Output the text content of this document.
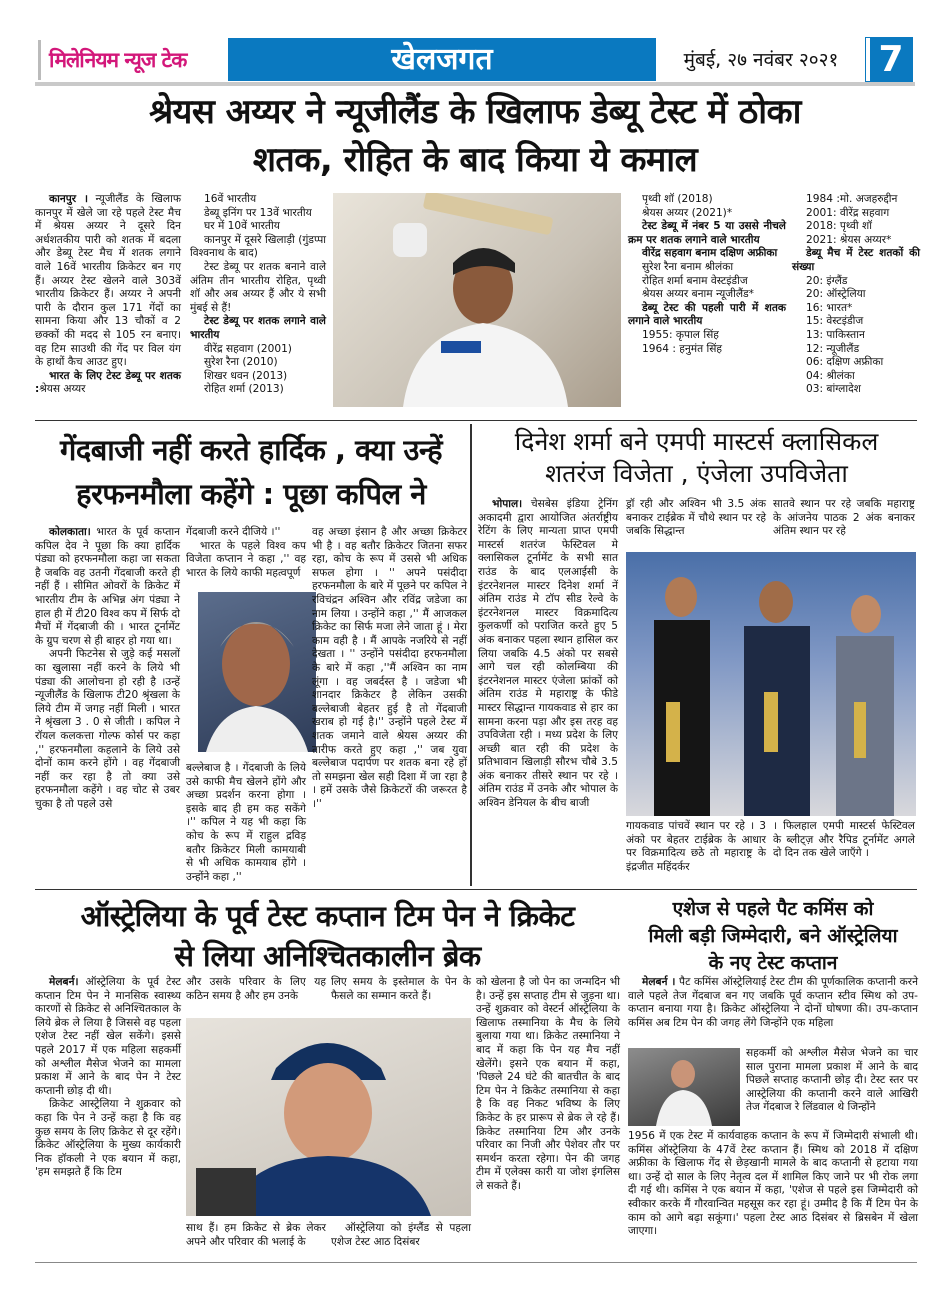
मिलेनियम न्यूज टेक	खेलजगत	मुंबई, २७ नवंबर २०२१	7
श्रेयस अय्यर ने न्यूजीलैंड के खिलाफ डेब्यू टेस्ट में ठोका
शतक, रोहित के बाद किया ये कमाल

कानपुर । न्यूजीलैंड के खिलाफ कानपुर में खेले जा रहे पहले टेस्ट मैच में श्रेयस अय्यर ने दूसरे दिन अर्धशतकीय पारी को शतक में बदला और डेब्यू टेस्ट मैच में शतक लगाने वाले 16वें भारतीय क्रिकेटर बन गए हैं। अय्यर टेस्ट खेलने वाले 303वें भारतीय क्रिकेटर हैं। अय्यर ने अपनी पारी के दौरान कुल 171 गेंदों का सामना किया और 13 चौकों व 2 छक्कों की मदद से 105 रन बनाए। वह टिम साउथी की गेंद पर विल यंग के हाथों कैच आउट हुए।

भारत के लिए टेस्ट डेब्यू पर शतक :श्रेयस अय्यर

16वें भारतीय
डेब्यू इनिंग पर 13वें भारतीय
घर में 10वें भारतीय

कानपुर में दूसरे खिलाड़ी (गुंडप्पा विश्वनाथ के बाद)

टेस्ट डेब्यू पर शतक बनाने वाले अंतिम तीन भारतीय रोहित, पृथ्वी शॉ और अब अय्यर हैं और ये सभी मुंबई से हैं!

टेस्ट डेब्यू पर शतक लगाने वाले भारतीय
वीरेंद्र सहवाग (2001)
सुरेश रैना (2010)
शिखर धवन (2013)
रोहित शर्मा (2013)
पृथ्वी शॉ (2018)
श्रेयस अय्यर (2021)*
टेस्ट डेब्यू में नंबर 5 या उससे नीचले क्रम पर शतक लगाने वाले भारतीय
वीरेंद्र सहवाग बनाम दक्षिण अफ्रीका
सुरेश रैना बनाम श्रीलंका
रोहित शर्मा बनाम वेस्टइंडीज

श्रेयस अय्यर बनाम न्यूजीलैंड*

डेब्यू टेस्ट की पहली पारी में शतक लगाने वाले भारतीय
1955: कृपाल सिंह
1964 : हनुमंत सिंह
1984 :मो. अजहरुद्दीन
2001: वीरेंद्र सहवाग
2018: पृथ्वी शॉ
2021: श्रेयस अय्यर*
डेब्यू मैच में टेस्ट शतकों की संख्या
20: इंग्लैंड
20: ऑस्ट्रेलिया
16: भारत*
15: वेस्टइंडीज
13: पाकिस्तान
12: न्यूजीलैंड
06: दक्षिण अफ्रीका
04: श्रीलंका
03: बांग्लादेश
गेंदबाजी नहीं करते हार्दिक , क्या उन्हें
हरफनमौला कहेंगे : पूछा कपिल ने

कोलकाता। भारत के पूर्व कप्तान कपिल देव ने पूछा कि क्या हार्दिक पंड्या को हरफनमौला कहा जा सकता है जबकि वह उतनी गेंदबाजी करते ही नहीं हैं । सीमित ओवरों के क्रिकेट में भारतीय टीम के अभिन्न अंग पंड्या ने हाल ही में टी20 विश्व कप में सिर्फ दो मैचों में गेंदबाजी की । भारत टूर्नामेंट के ग्रुप चरण से ही बाहर हो गया था।

अपनी फिटनेस से जुड़े कई मसलों का खुलासा नहीं करने के लिये भी पंड्या की आलोचना हो रही है ।उन्हें न्यूजीलैंड के खिलाफ टी20 श्रृंखला के लिये टीम में जगह नहीं मिली । भारत ने श्रृंखला 3 . 0 से जीती । कपिल ने रॉयल कलकत्ता गोल्फ कोर्स पर कहा ,'' हरफनमौला कहलाने के लिये उसे दोनों काम करने होंगे । वह गेंदबाजी नहीं कर रहा है तो क्या उसे हरफनमौला कहेंगे । वह चोट से उबर चुका है तो पहले उसे

गेंदबाजी करने दीजिये ।''

भारत के पहले विश्व कप विजेता कप्तान ने कहा ,'' वह भारत के लिये काफी महत्वपूर्ण

बल्लेबाज है । गेंदबाजी के लिये उसे काफी मैच खेलने होंगे और अच्छा प्रदर्शन करना होगा । इसके बाद ही हम कह सकेंगे ।'' कपिल ने यह भी कहा कि कोच के रूप में राहुल द्रविड़ बतौर क्रिकेटर मिली कामयाबी से भी अधिक कामयाब होंगे । उन्होंने कहा ,''

वह अच्छा इंसान है और अच्छा क्रिकेटर भी है । वह बतौर क्रिकेटर जितना सफर रहा, कोच के रूप में उससे भी अधिक सफल होगा । '' अपने पसंदीदा हरफनमौला के बारे में पूछने पर कपिल ने रविचंद्रन अश्विन और रविंद्र जडेजा का नाम लिया । उन्होंने कहा ,'' मैं आजकल क्रिकेट का सिर्फ मजा लेने जाता हूं । मेरा काम वही है । मैं आपके नजरिये से नहीं देखता । '' उन्होंने पसंदीदा हरफनमौला के बारे में कहा ,''मैं अश्विन का नाम लूंगा । वह जबर्दस्त है । जडेजा भी शानदार क्रिकेटर है लेकिन उसकी बल्लेबाजी बेहतर हुई है तो गेंदबाजी खराब हो गई है।'' उन्होंने पहले टेस्ट में शतक जमाने वाले श्रेयस अय्यर की तारीफ करते हुए कहा ,'' जब युवा बल्लेबाज पदार्पण पर शतक बना रहे हों तो समझना खेल सही दिशा में जा रहा है । हमें उसके जैसे क्रिकेटरों की जरूरत है ।''

दिनेश शर्मा बने एमपी मास्टर्स क्लासिकल
शतरंज विजेता , एंजेला उपविजेता

भोपाल। चेसबेस इंडिया ट्रेनिंग अकादमी द्वारा आयोजित अंतर्राष्ट्रीय रेटिंग के लिए मान्यता प्राप्त एमपी मास्टर्स शतरंज फेस्टिवल मे क्लासिकल टूर्नामेंट के सभी सात राउंड के बाद एलआईसी के इंटरनेशनल मास्टर दिनेश शर्मा नें अंतिम राउंड मे टॉप सीड रेल्वे के इंटरनेशनल मास्टर विक्रमादित्य कुलकर्णी को पराजित करते हुए 5 अंक बनाकर पहला स्थान हासिल कर लिया जबकि 4.5 अंको पर सबसे आगे चल रही कोलम्बिया की इंटरनेशनल मास्टर एंजेला फ्रांकों को अंतिम राउंड मे महाराष्ट्र के फीडे मास्टर सिद्धान्त गायकवाड से हार का सामना करना पड़ा और इस तरह वह उपविजेता रही । मध्य प्रदेश के लिए अच्छी बात रही की प्रदेश के प्रतिभावान खिलाड़ी सौरभ चौबे 3.5 अंक बनाकर तीसरे स्थान पर रहे ।अंतिम राउंड में उनके और भोपाल के अश्विन डेनियल के बीच बाजी

ड्रॉ रही और अश्विन भी 3.5 अंक बनाकर टाईब्रेक में चौथे स्थान पर रहे जबकि सिद्धान्त

सातवे स्थान पर रहे जबकि महाराष्ट्र के आंजनेय पाठक 2 अंक बनाकर अंतिम स्थान पर रहे

गायकवाड पांचवें स्थान पर रहे । 3 अंको पर बेहतर टाईब्रेक के आधार पर विक्रमादित्य छठे तो महाराष्ट्र के इंद्रजीत महिंदर्कर

। फिलहाल एमपी मास्टर्स फेस्टिवल के ब्लीट्ज़ और रैपिड टूर्नामेंट अगले दो दिन तक खेले जाएँगे ।

ऑस्ट्रेलिया के पूर्व टेस्ट कप्तान टिम पेन ने क्रिकेट
से लिया अनिश्चितकालीन ब्रेक

मेलबर्न। ऑस्ट्रेलिया के पूर्व टेस्ट कप्तान टिम पेन ने मानसिक स्वास्थ्य कारणों से क्रिकेट से अनिश्चितकाल के लिये ब्रेक ले लिया है जिससे वह पहला एशेज टेस्ट नहीं खेल सकेंगे। इससे पहले 2017 में एक महिला सहकर्मी को अश्लील मैसेज भेजने का मामला प्रकाश में आने के बाद पेन ने टेस्ट कप्तानी छोड़ दी थी।

क्रिकेट आस्ट्रेलिया ने शुक्रवार को कहा कि पेन ने उन्हें कहा है कि वह कुछ समय के लिए क्रिकेट से दूर रहेंगे। क्रिकेट ऑस्ट्रेलिया के मुख्य कार्यकारी निक हॉकली ने एक बयान में कहा, 'हम समझते हैं कि टिम

और उसके परिवार के लिए यह कठिन समय है और हम उनके

लिए समय के इस्तेमाल के पेन के फैसले का सम्मान करते हैं।

साथ हैं। हम क्रिकेट से ब्रेक लेकर अपने और परिवार की भलाई के

ऑस्ट्रेलिया को इंग्लैंड से पहला एशेज टेस्ट आठ दिसंबर

को खेलना है जो पेन का जन्मदिन भी है। उन्हें इस सप्ताह टीम से जुड़ना था। उन्हें शुक्रवार को वेस्टर्न ऑस्ट्रेलिया के खिलाफ तस्मानिया के मैच के लिये बुलाया गया था। क्रिकेट तस्मानिया ने बाद में कहा कि पेन यह मैच नहीं खेलेंगे। इसने एक बयान में कहा, 'पिछले 24 घंटे की बातचीत के बाद टिम पेन ने क्रिकेट तस्मानिया से कहा है कि वह निकट भविष्य के लिए क्रिकेट के हर प्रारूप से ब्रेक ले रहे हैं। क्रिकेट तस्मानिया टिम और उनके परिवार का निजी और पेशेवर तौर पर समर्थन करता रहेगा। पेन की जगह टीम में एलेक्स कारी या जोश इंगलिस ले सकते हैं।

एशेज से पहले पैट कमिंस को
मिली बड़ी जिम्मेदारी, बने ऑस्ट्रेलिया
के नए टेस्ट कप्तान

मेलबर्न । पैट कमिंस ऑस्ट्रेलियाई टेस्ट टीम की पूर्णकालिक कप्तानी करने वाले पहले तेज गेंदबाज बन गए जबकि पूर्व कप्तान स्टीव स्मिथ को उप-कप्तान बनाया गया है। क्रिकेट ऑस्ट्रेलिया ने दोनों घोषणा की। उप-कप्तान कमिंस अब टिम पेन की जगह लेंगे जिन्होंने एक महिला

सहकर्मी को अश्लील मैसेज भेजने का चार साल पुराना मामला प्रकाश में आने के बाद पिछले सप्ताह कप्तानी छोड़ दी। टेस्ट स्तर पर आस्ट्रेलिया की कप्तानी करने वाले आखिरी तेज गेंदबाज रे लिंडवाल थे जिन्होंने

1956 में एक टेस्ट में कार्यवाहक कप्तान के रूप में जिम्मेदारी संभाली थी। कमिंस ऑस्ट्रेलिया के 47वें टेस्ट कप्तान हैं। स्मिथ को 2018 में दक्षिण अफ्रीका के खिलाफ गेंद से छेड़खानी मामले के बाद कप्तानी से हटाया गया था। उन्हें दो साल के लिए नेतृत्व दल में शामिल किए जाने पर भी रोक लगा दी गई थी। कमिंस ने एक बयान में कहा, 'एशेज से पहले इस जिम्मेदारी को स्वीकार करके मैं गौरवान्वित महसूस कर रहा हूं। उम्मीद है कि मैं टिम पेन के काम को आगे बढ़ा सकूंगा।' पहला टेस्ट आठ दिसंबर से ब्रिसबेन में खेला जाएगा।
